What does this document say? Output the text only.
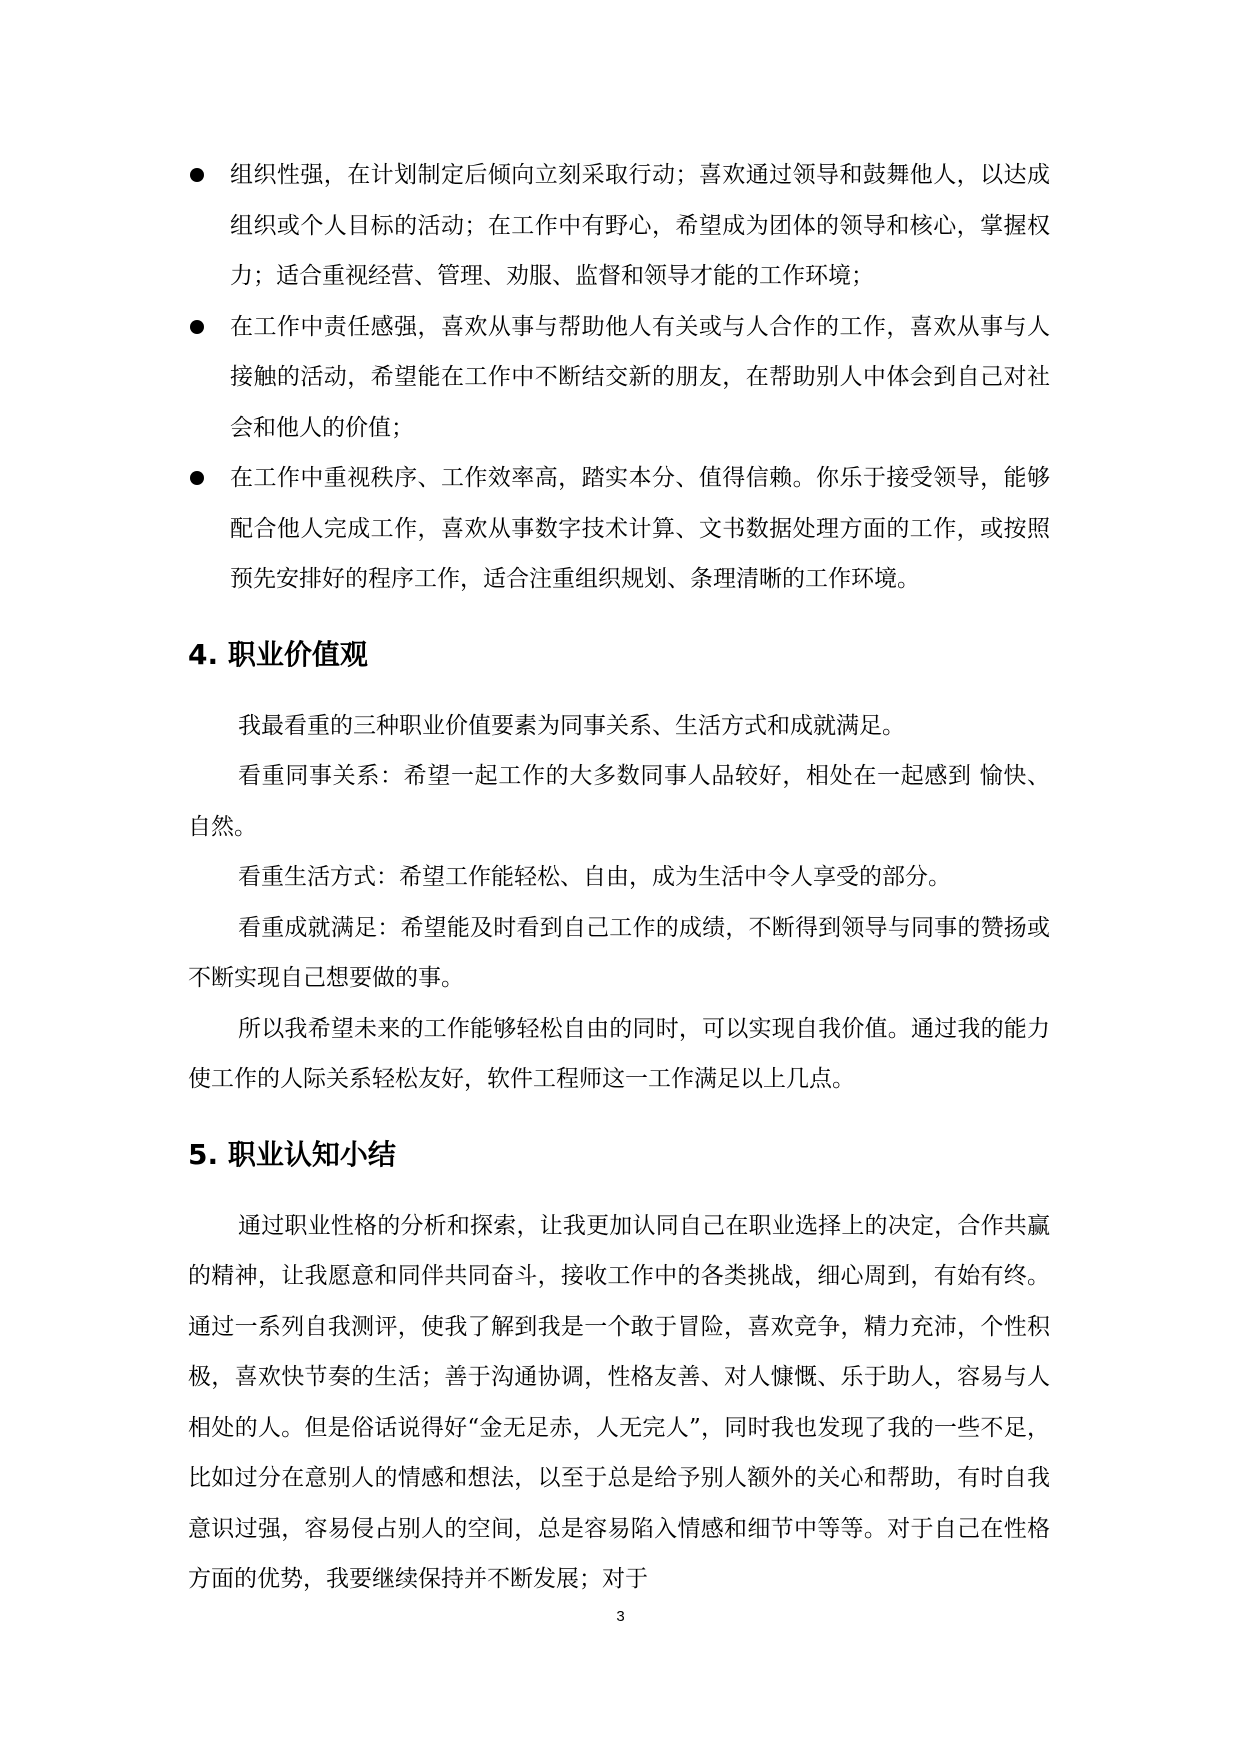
组织性强，在计划制定后倾向立刻采取行动；喜欢通过领导和鼓舞他人，以达成组织或个人目标的活动；在工作中有野心，希望成为团体的领导和核心，掌握权力；适合重视经营、管理、劝服、监督和领导才能的工作环境；
在工作中责任感强，喜欢从事与帮助他人有关或与人合作的工作，喜欢从事与人接触的活动，希望能在工作中不断结交新的朋友，在帮助别人中体会到自己对社会和他人的价值；
在工作中重视秩序、工作效率高，踏实本分、值得信赖。你乐于接受领导，能够配合他人完成工作，喜欢从事数字技术计算、文书数据处理方面的工作，或按照预先安排好的程序工作，适合注重组织规划、条理清晰的工作环境。
4. 职业价值观

我最看重的三种职业价值要素为同事关系、生活方式和成就满足。

看重同事关系：希望一起工作的大多数同事人品较好，相处在一起感到 愉快、自然。

看重生活方式：希望工作能轻松、自由，成为生活中令人享受的部分。

看重成就满足：希望能及时看到自己工作的成绩，不断得到领导与同事的赞扬或不断实现自己想要做的事。

所以我希望未来的工作能够轻松自由的同时，可以实现自我价值。通过我的能力使工作的人际关系轻松友好，软件工程师这一工作满足以上几点。

5. 职业认知小结

通过职业性格的分析和探索，让我更加认同自己在职业选择上的决定，合作共赢的精神，让我愿意和同伴共同奋斗，接收工作中的各类挑战，细心周到，有始有终。通过一系列自我测评，使我了解到我是一个敢于冒险，喜欢竞争，精力充沛，个性积极，喜欢快节奏的生活；善于沟通协调，性格友善、对人慷慨、乐于助人，容易与人相处的人。但是俗话说得好“金无足赤，人无完人”，同时我也发现了我的一些不足，比如过分在意别人的情感和想法，以至于总是给予别人额外的关心和帮助，有时自我意识过强，容易侵占别人的空间，总是容易陷入情感和细节中等等。对于自己在性格方面的优势，我要继续保持并不断发展；对于

3
